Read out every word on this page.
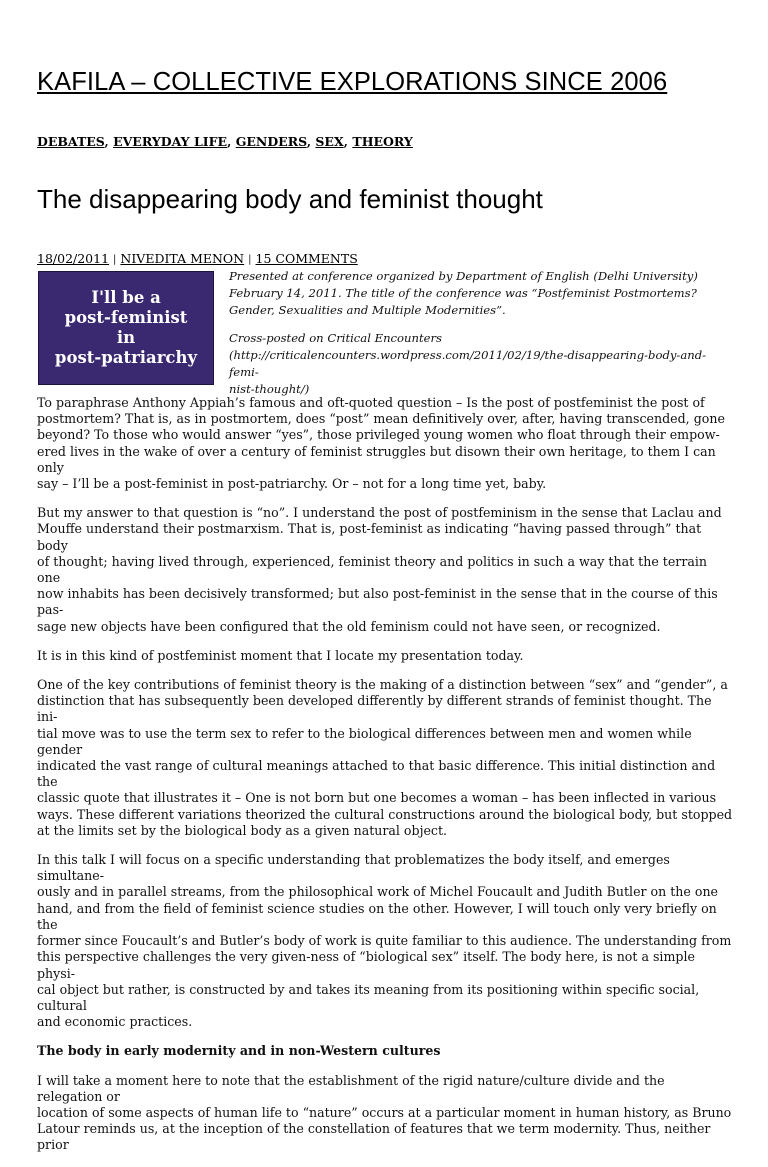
KAFILA – COLLECTIVE EXPLORATIONS SINCE 2006
DEBATES, EVERYDAY LIFE, GENDERS, SEX, THEORY
The disappearing body and feminist thought
18/02/2011 | NIVEDITA MENON | 15 COMMENTS
I'll be a
post-feminist
in
post-patriarchy

Presented at conference organized by Department of English (Delhi University)

February 14, 2011. The title of the conference was “Postfeminist Postmortems?

Gender, Sexualities and Multiple Modernities”.

Cross-posted on Critical Encounters

(http://criticalencounters.wordpress.com/2011/02/19/the-disappearing-body-and-femi-

nist-thought/)

To paraphrase Anthony Appiah’s famous and oft-quoted question – Is the post of postfeminist the post of
postmortem? That is, as in postmortem, does “post” mean definitively over, after, having transcended, gone
beyond? To those who would answer “yes”, those privileged young women who float through their empow-
ered lives in the wake of over a century of feminist struggles but disown their own heritage, to them I can only
say – I’ll be a post-feminist in post-patriarchy. Or – not for a long time yet, baby.

But my answer to that question is “no”. I understand the post of postfeminism in the sense that Laclau and
Mouffe understand their postmarxism. That is, post-feminist as indicating “having passed through” that body
of thought; having lived through, experienced, feminist theory and politics in such a way that the terrain one
now inhabits has been decisively transformed; but also post-feminist in the sense that in the course of this pas-
sage new objects have been configured that the old feminism could not have seen, or recognized.

It is in this kind of postfeminist moment that I locate my presentation today.

One of the key contributions of feminist theory is the making of a distinction between “sex” and “gender”, a
distinction that has subsequently been developed differently by different strands of feminist thought. The ini-
tial move was to use the term sex to refer to the biological differences between men and women while gender
indicated the vast range of cultural meanings attached to that basic difference. This initial distinction and the
classic quote that illustrates it – One is not born but one becomes a woman – has been inflected in various
ways. These different variations theorized the cultural constructions around the biological body, but stopped
at the limits set by the biological body as a given natural object.

In this talk I will focus on a specific understanding that problematizes the body itself, and emerges simultane-
ously and in parallel streams, from the philosophical work of Michel Foucault and Judith Butler on the one
hand, and from the field of feminist science studies on the other. However, I will touch only very briefly on the
former since Foucault’s and Butler’s body of work is quite familiar to this audience. The understanding from
this perspective challenges the very given-ness of “biological sex” itself. The body here, is not a simple physi-
cal object but rather, is constructed by and takes its meaning from its positioning within specific social, cultural
and economic practices.

The body in early modernity and in non-Western cultures

I will take a moment here to note that the establishment of the rigid nature/culture divide and the relegation or
location of some aspects of human life to “nature” occurs at a particular moment in human history, as Bruno
Latour reminds us, at the inception of the constellation of features that we term modernity. Thus, neither prior
